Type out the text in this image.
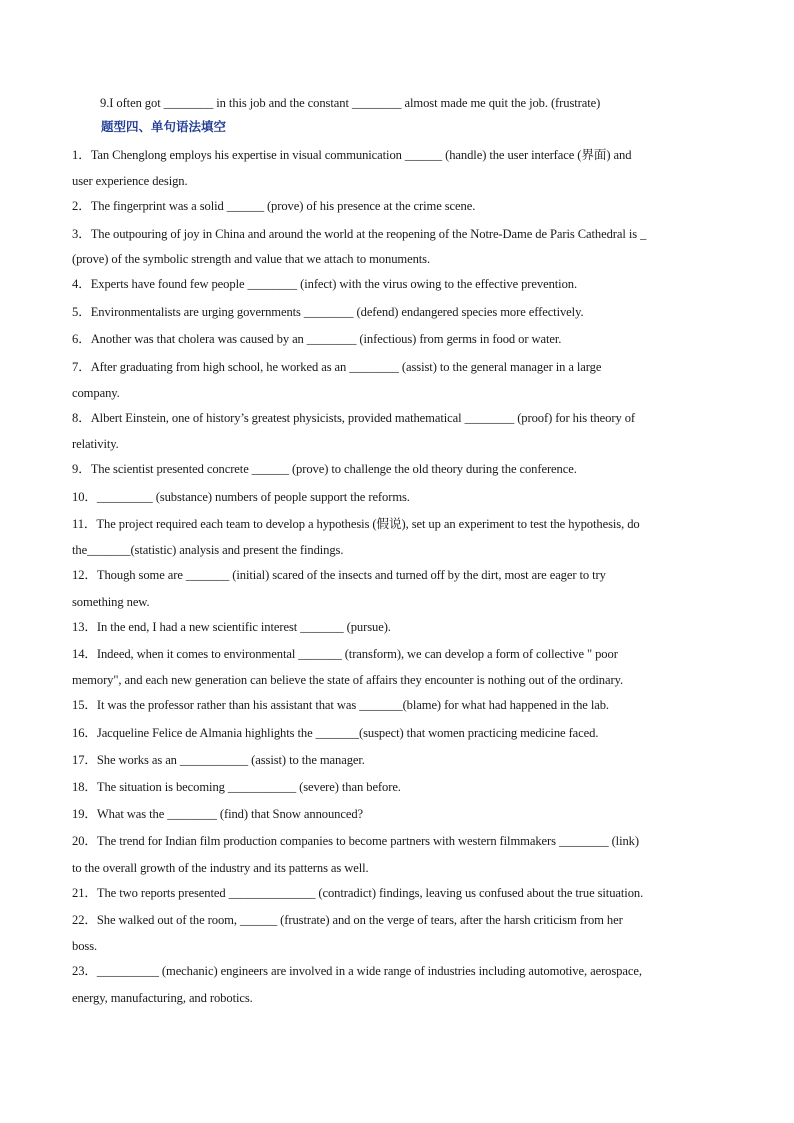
9.I often got ________ in this job and the constant ________ almost made me quit the job. (frustrate)
题型四、单句语法填空
1．Tan Chenglong employs his expertise in visual communication ______ (handle) the user interface (界面) and
user experience design.
2．The fingerprint was a solid ______ (prove) of his presence at the crime scene.
3．The outpouring of joy in China and around the world at the reopening of the Notre-Dame de Paris Cathedral is _
(prove) of the symbolic strength and value that we attach to monuments.
4．Experts have found few people ________ (infect) with the virus owing to the effective prevention.
5．Environmentalists are urging governments ________ (defend) endangered species more effectively.
6．Another was that cholera was caused by an ________ (infectious) from germs in food or water.
7．After graduating from high school, he worked as an ________ (assist) to the general manager in a large
company.
8．Albert Einstein, one of history’s greatest physicists, provided mathematical ________ (proof) for his theory of
relativity.
9．The scientist presented concrete ______ (prove) to challenge the old theory during the conference.
10．_________ (substance) numbers of people support the reforms.
11．The project required each team to develop a hypothesis (假说), set up an experiment to test the hypothesis, do
the_______(statistic) analysis and present the findings.
12．Though some are _______ (initial) scared of the insects and turned off by the dirt, most are eager to try
something new.
13．In the end, I had a new scientific interest _______ (pursue).
14．Indeed, when it comes to environmental _______ (transform), we can develop a form of collective " poor
memory", and each new generation can believe the state of affairs they encounter is nothing out of the ordinary.
15．It was the professor rather than his assistant that was _______(blame) for what had happened in the lab.
16．Jacqueline Felice de Almania highlights the _______(suspect) that women practicing medicine faced.
17．She works as an ___________ (assist) to the manager.
18．The situation is becoming ___________ (severe) than before.
19．What was the ________ (find) that Snow announced?
20．The trend for Indian film production companies to become partners with western filmmakers ________ (link)
to the overall growth of the industry and its patterns as well.
21．The two reports presented ______________ (contradict) findings, leaving us confused about the true situation.
22．She walked out of the room, ______ (frustrate) and on the verge of tears, after the harsh criticism from her
boss.
23．__________ (mechanic) engineers are involved in a wide range of industries including automotive, aerospace,
energy, manufacturing, and robotics.
